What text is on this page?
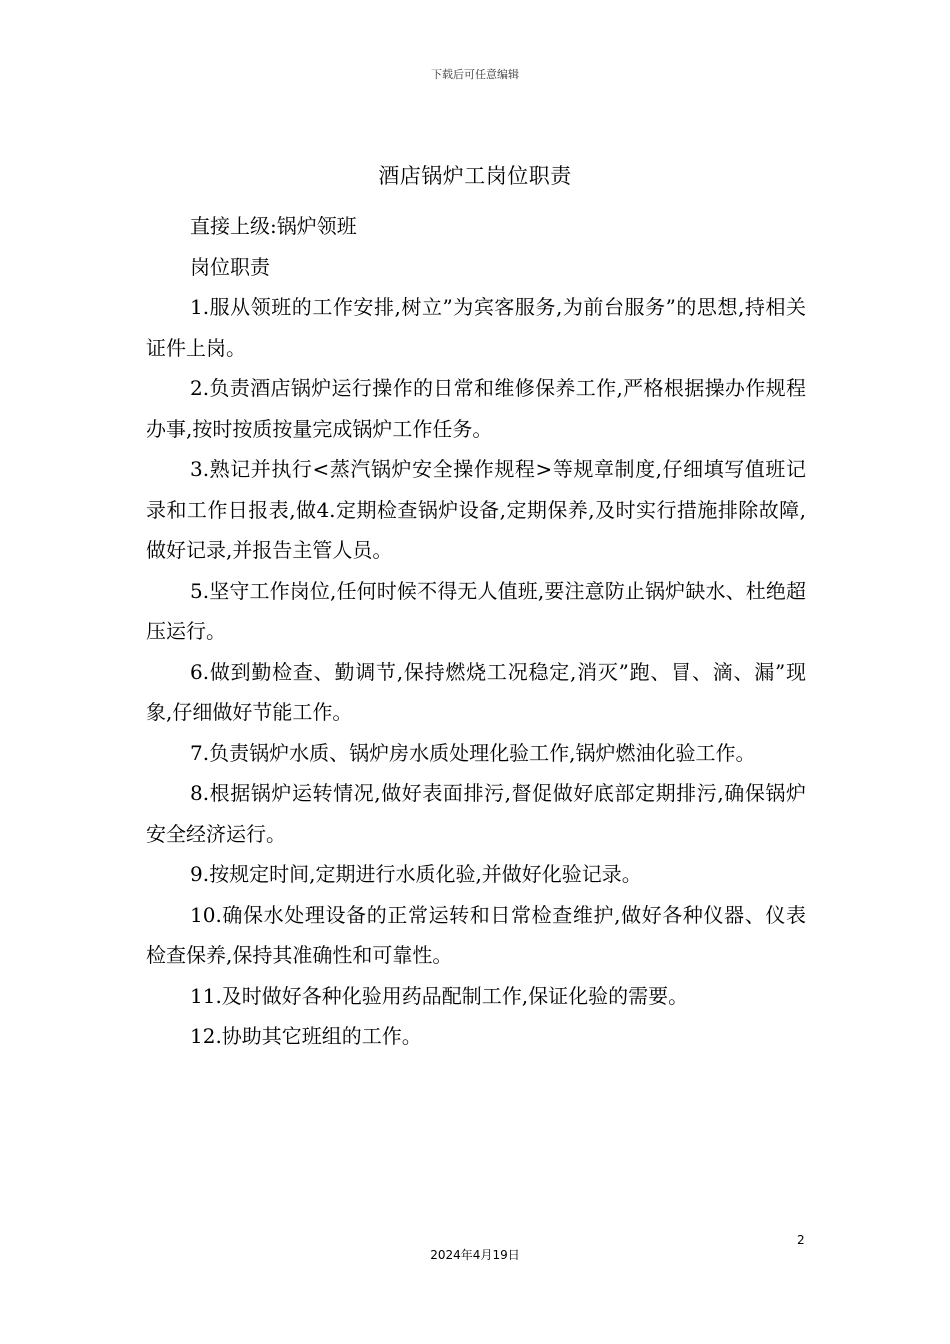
下载后可任意编辑
酒店锅炉工岗位职责

直接上级:锅炉领班

岗位职责

1.服从领班的工作安排,树立”为宾客服务,为前台服务”的思想,持相关证件上岗。

2.负责酒店锅炉运行操作的日常和维修保养工作,严格根据操办作规程办事,按时按质按量完成锅炉工作任务。

3.熟记并执行<蒸汽锅炉安全操作规程>等规章制度,仔细填写值班记录和工作日报表,做4.定期检查锅炉设备,定期保养,及时实行措施排除故障,做好记录,并报告主管人员。

5.坚守工作岗位,任何时候不得无人值班,要注意防止锅炉缺水、杜绝超压运行。

6.做到勤检查、勤调节,保持燃烧工况稳定,消灭”跑、冒、滴、漏”现象,仔细做好节能工作。

7.负责锅炉水质、锅炉房水质处理化验工作,锅炉燃油化验工作。

8.根据锅炉运转情况,做好表面排污,督促做好底部定期排污,确保锅炉安全经济运行。

9.按规定时间,定期进行水质化验,并做好化验记录。

10.确保水处理设备的正常运转和日常检查维护,做好各种仪器、仪表检查保养,保持其准确性和可靠性。

11.及时做好各种化验用药品配制工作,保证化验的需要。

12.协助其它班组的工作。

2
2024年4月19日
